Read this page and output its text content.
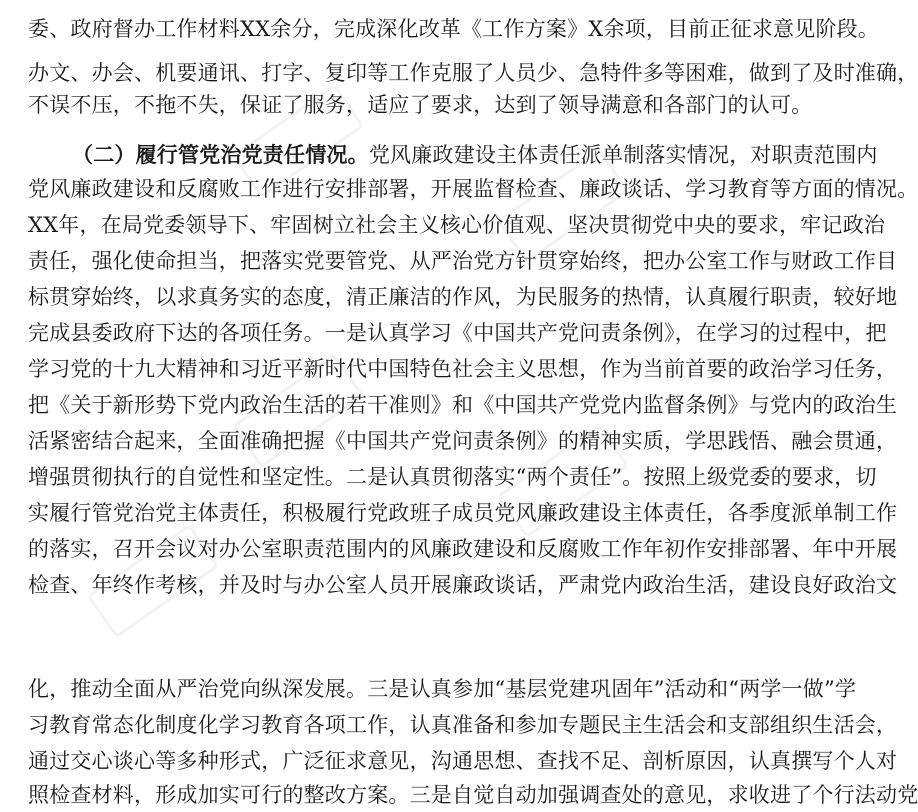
委、政府督办工作材料XX余分，完成深化改革《工作方案》X余项，目前正征求意见阶段。
办文、办会、机要通讯、打字、复印等工作克服了人员少、急特件多等困难，做到了及时准确，
不误不压，不拖不失，保证了服务，适应了要求，达到了领导满意和各部门的认可。
（二）履行管党治党责任情况。党风廉政建设主体责任派单制落实情况，对职责范围内
党风廉政建设和反腐败工作进行安排部署，开展监督检查、廉政谈话、学习教育等方面的情况。
XX年，在局党委领导下、牢固树立社会主义核心价值观、坚决贯彻党中央的要求，牢记政治
责任，强化使命担当，把落实党要管党、从严治党方针贯穿始终，把办公室工作与财政工作目
标贯穿始终，以求真务实的态度，清正廉洁的作风，为民服务的热情，认真履行职责，较好地
完成县委政府下达的各项任务。一是认真学习《中国共产党问责条例》，在学习的过程中，把
学习党的十九大精神和习近平新时代中国特色社会主义思想，作为当前首要的政治学习任务，
把《关于新形势下党内政治生活的若干准则》和《中国共产党党内监督条例》与党内的政治生
活紧密结合起来，全面准确把握《中国共产党问责条例》的精神实质，学思践悟、融会贯通，
增强贯彻执行的自觉性和坚定性。二是认真贯彻落实“两个责任”。按照上级党委的要求，切
实履行管党治党主体责任，积极履行党政班子成员党风廉政建设主体责任，各季度派单制工作
的落实，召开会议对办公室职责范围内的风廉政建设和反腐败工作年初作安排部署、年中开展
检查、年终作考核，并及时与办公室人员开展廉政谈话，严肃党内政治生活，建设良好政治文
化，推动全面从严治党向纵深发展。三是认真参加“基层党建巩固年”活动和“两学一做”学
习教育常态化制度化学习教育各项工作，认真准备和参加专题民主生活会和支部组织生活会，
通过交心谈心等多种形式，广泛征求意见，沟通思想、查找不足、剖析原因，认真撰写个人对
照检查材料，形成加实可行的整改方案。三是自觉自动加强调查处的意见，求收进了个行法动党
